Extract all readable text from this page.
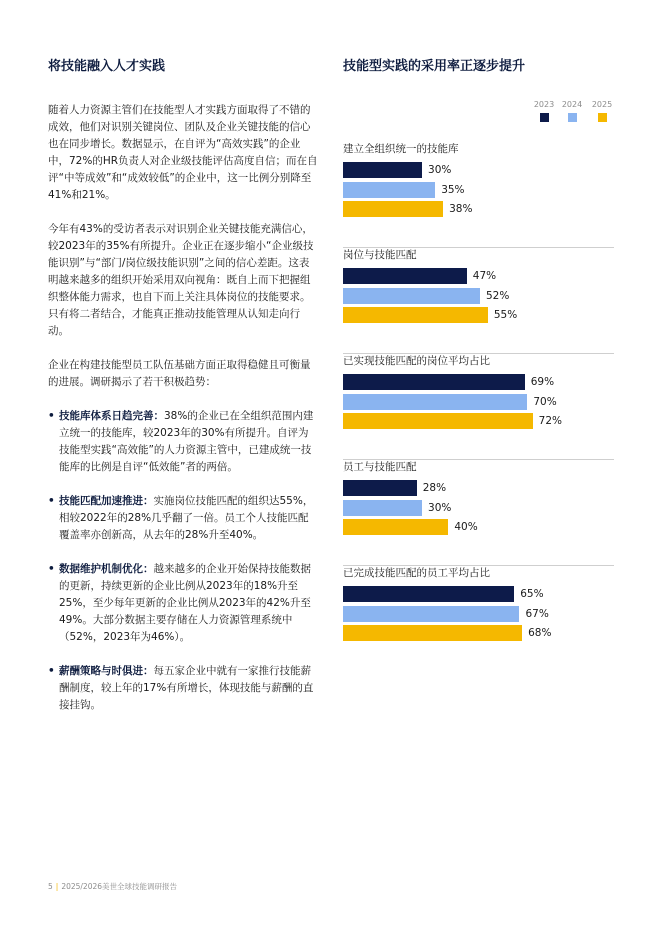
将技能融入人才实践

随着人力资源主管们在技能型人才实践方面取得了不错的成效，他们对识别关键岗位、团队及企业关键技能的信心也在同步增长。数据显示，在自评为“高效实践”的企业中，72%的HR负责人对企业级技能评估高度自信；而在自评“中等成效”和“成效较低”的企业中，这一比例分别降至41%和21%。

今年有43%的受访者表示对识别企业关键技能充满信心，较2023年的35%有所提升。企业正在逐步缩小“企业级技能识别”与“部门/岗位级技能识别”之间的信心差距。这表明越来越多的组织开始采用双向视角：既自上而下把握组织整体能力需求，也自下而上关注具体岗位的技能要求。只有将二者结合，才能真正推动技能管理从认知走向行动。

企业在构建技能型员工队伍基础方面正取得稳健且可衡量的进展。调研揭示了若干积极趋势：

• 技能库体系日趋完善：38%的企业已在全组织范围内建立统一的技能库，较2023年的30%有所提升。自评为技能型实践“高效能”的人力资源主管中，已建成统一技能库的比例是自评“低效能”者的两倍。
• 技能匹配加速推进：实施岗位技能匹配的组织达55%，相较2022年的28%几乎翻了一倍。员工个人技能匹配覆盖率亦创新高，从去年的28%升至40%。
• 数据维护机制优化：越来越多的企业开始保持技能数据的更新，持续更新的企业比例从2023年的18%升至25%，至少每年更新的企业比例从2023年的42%升至49%。大部分数据主要存储在人力资源管理系统中（52%，2023年为46%）。
• 薪酬策略与时俱进：每五家企业中就有一家推行技能薪酬制度，较上年的17%有所增长，体现技能与薪酬的直接挂钩。
技能型实践的采用率正逐步提升
2023 2024	2025
建立全组织统一的技能库
30%
35%
38%
岗位与技能匹配
47%
52%
55%
已实现技能匹配的岗位平均占比
69%
70%
72%
员工与技能匹配
28%
30%
40%
已完成技能匹配的员工平均占比
65%
67%
68%
5 | 2025/2026美世全球技能调研报告
